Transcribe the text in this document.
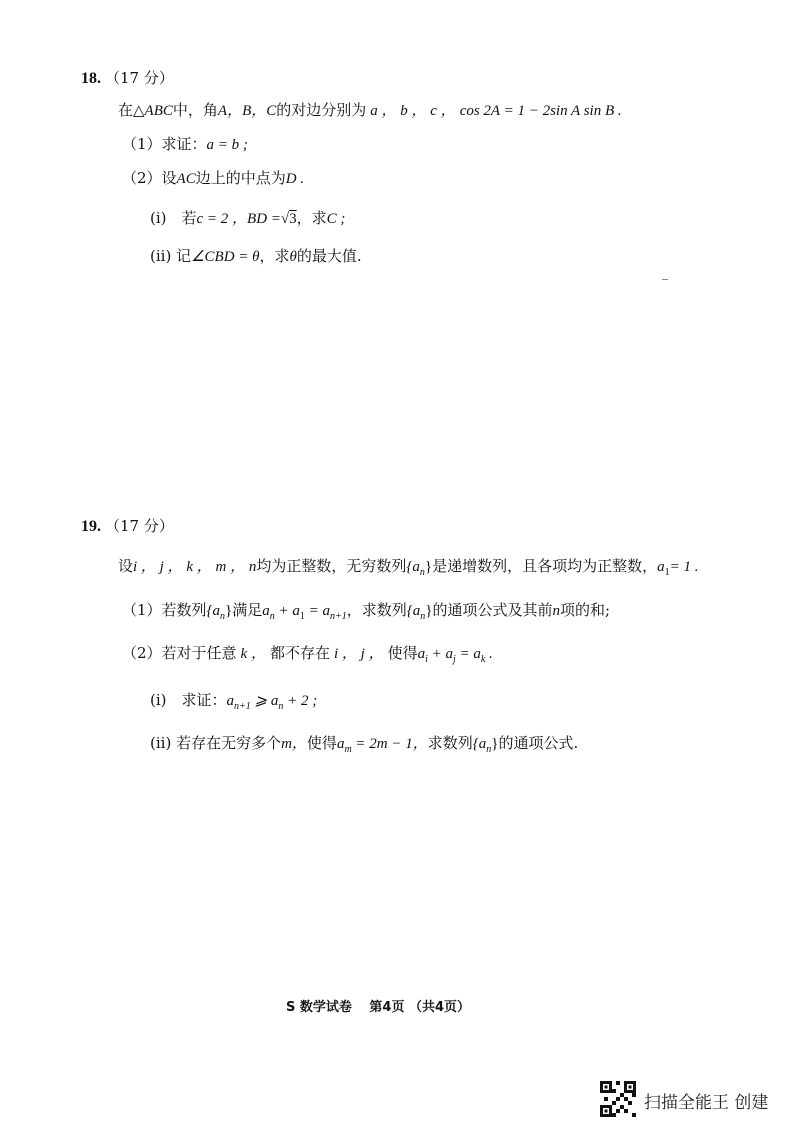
18. （17 分）
在△ABC中，角A，B，C的对边分别为 a ， b ， c ， cos 2A = 1 − 2sin A sin B .
（1）求证：a = b ;
（2）设AC边上的中点为D .
(i)　若c = 2 ，BD =√3，求C ;
(ii) 记∠CBD = θ，求θ的最大值.
19. （17 分）
设i ， j ， k ， m ， n均为正整数，无穷数列$\{a_n\}$是递增数列，且各项均为正整数，$a_1= 1$ .
（1）若数列$\{a_n\}$满足$a_n + a_1 = a_{n+1}$，求数列$\{a_n\}$的通项公式及其前n项的和;
（2）若对于任意 k ， 都不存在 i ， j ， 使得$a_i + a_j = a_k$ .
(i)　求证：$a_{n+1}$ ⩾ $a_n + 2$ ;
(ii) 若存在无穷多个m，使得$a_m = 2m - 1$，求数列$\{a_n\}$的通项公式.
S 数学试卷　 第4页 （共4页）
扫描全能王 创建
